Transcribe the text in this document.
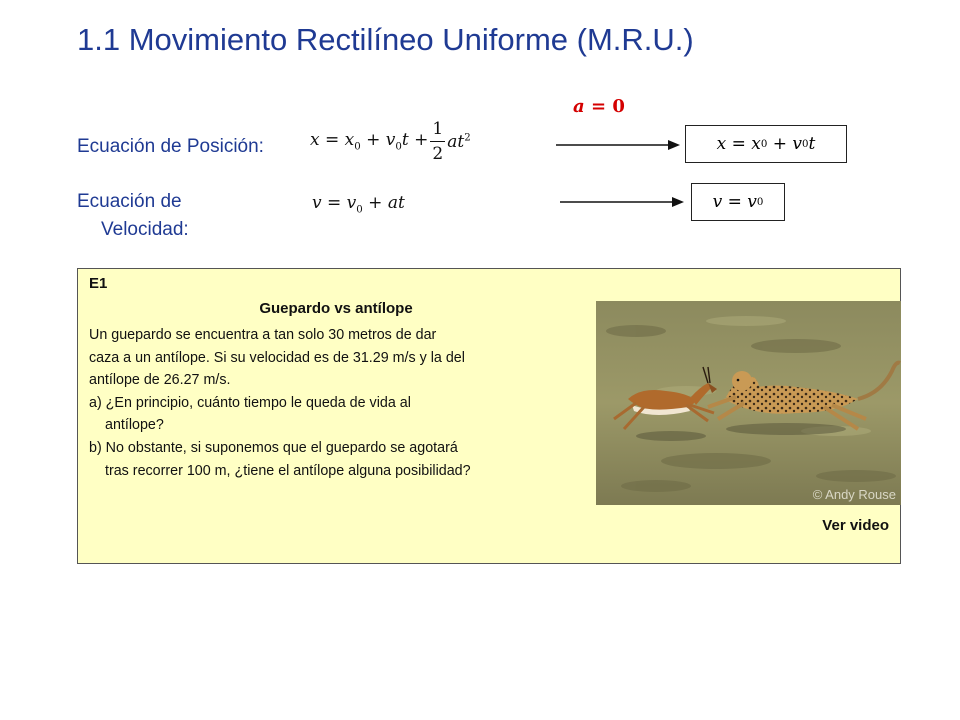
1.1 Movimiento Rectilíneo Uniforme (M.R.U.)
Ecuación de Posición:	$x = x_0 + v_0t + \frac{1}{2} at^2$
a = 0
x = x 0
+ v 0 t
Ecuación de
Velocidad:
$v = v_0$ + at	v = v 0
E1
Guepardo vs antílope

Un guepardo se encuentra a tan solo 30 metros de dar

caza a un antílope. Si su velocidad es de 31.29 m/s y la del

antílope de 26.27 m/s.

a) ¿En principio, cuánto tiempo le queda de vida al

antílope?

b) No obstante, si suponemos que el guepardo se agotará

tras recorrer 100 m, ¿tiene el antílope alguna posibilidad?

© Andy Rouse
Ver video
